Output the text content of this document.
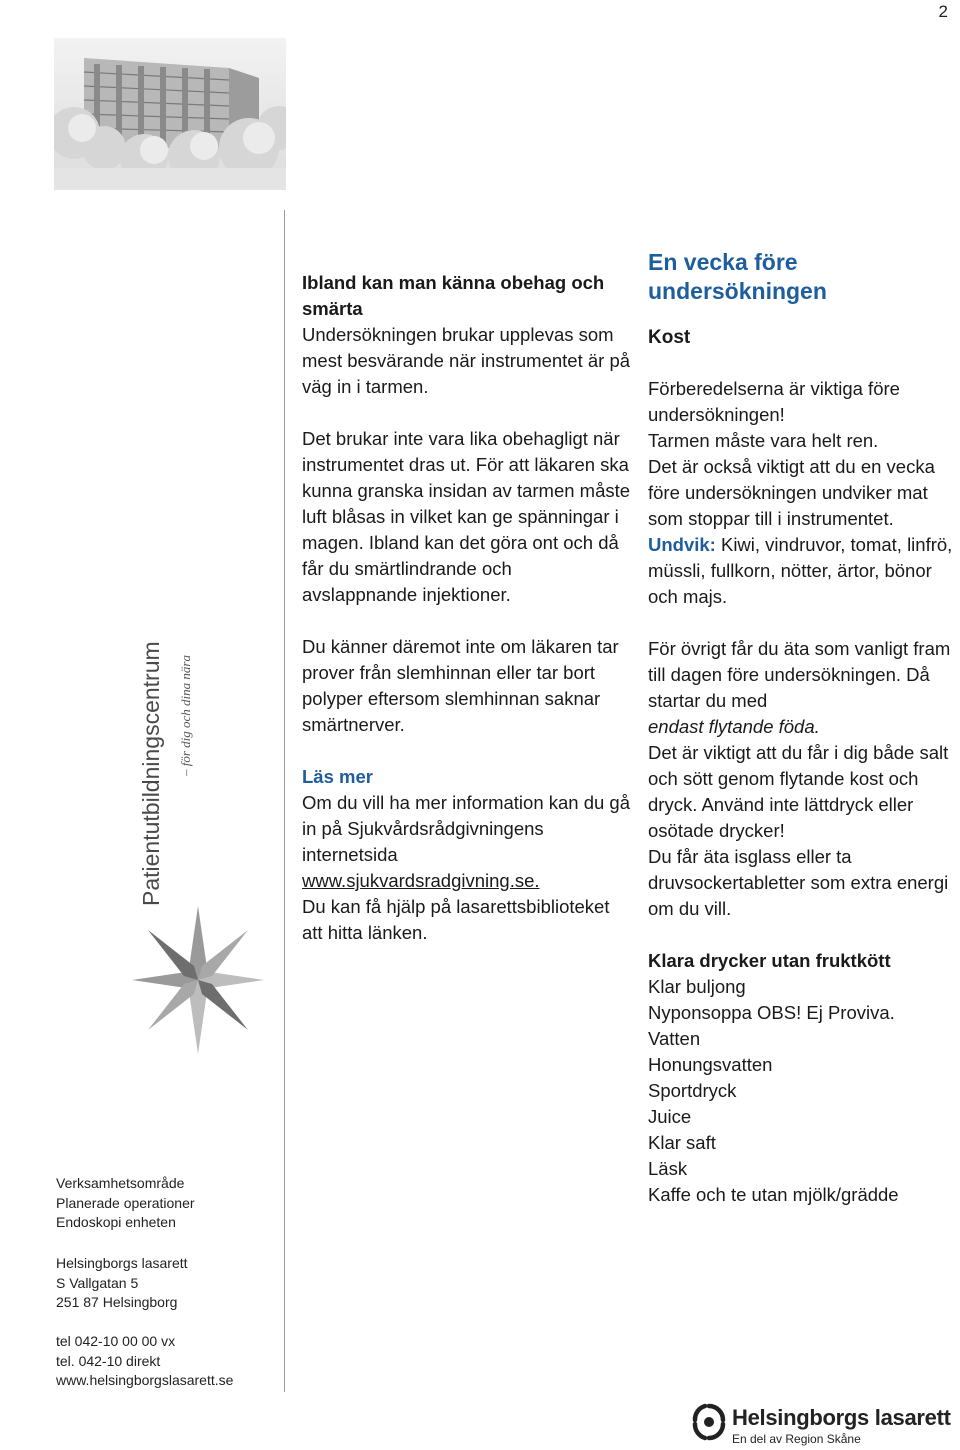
2
Patientutbildningscentrum	– för dig och dina nära
Verksamhetsområde
Planerade operationer
Endoskopi enheten
Helsingborgs lasarett
S Vallgatan 5
251 87 Helsingborg
tel 042-10 00 00 vx
tel. 042-10 direkt
www.helsingborgslasarett.se

Ibland kan man känna obehag och smärta

Undersökningen brukar upplevas som mest besvärande när instrumentet är på väg in i tarmen.

Det brukar inte vara lika obehagligt när instrumentet dras ut. För att läkaren ska kunna granska insidan av tarmen måste luft blåsas in vilket kan ge spänningar i magen. Ibland kan det göra ont och då får du smärtlindrande och avslappnande injektioner.

Du känner däremot inte om läkaren tar prover från slemhinnan eller tar bort polyper eftersom slemhinnan saknar smärtnerver.

Läs mer

Om du vill ha mer information kan du gå in på Sjukvårdsrådgivningens internetsida

www.sjukvardsradgivning.se.

Du kan få hjälp på lasarettsbiblioteket att hitta länken.

En vecka före undersökningen

Kost

Förberedelserna är viktiga före undersökningen!

Tarmen måste vara helt ren.

Det är också viktigt att du en vecka före undersökningen undviker mat som stoppar till i instrumentet.

Undvik: Kiwi, vindruvor, tomat, linfrö, müssli, fullkorn, nötter, ärtor, bönor och majs.

För övrigt får du äta som vanligt fram till dagen före undersökningen. Då startar du med

endast flytande föda.

Det är viktigt att du får i dig både salt och sött genom flytande kost och dryck. Använd inte lättdryck eller osötade drycker!

Du får äta isglass eller ta druvsockertabletter som extra energi om du vill.

Klara drycker utan fruktkött

Klar buljong
Nyponsoppa OBS! Ej Proviva.
Vatten
Honungsvatten
Sportdryck
Juice
Klar saft
Läsk
Kaffe och te utan mjölk/grädde
Helsingborgs lasarett
En del av Region Skåne
